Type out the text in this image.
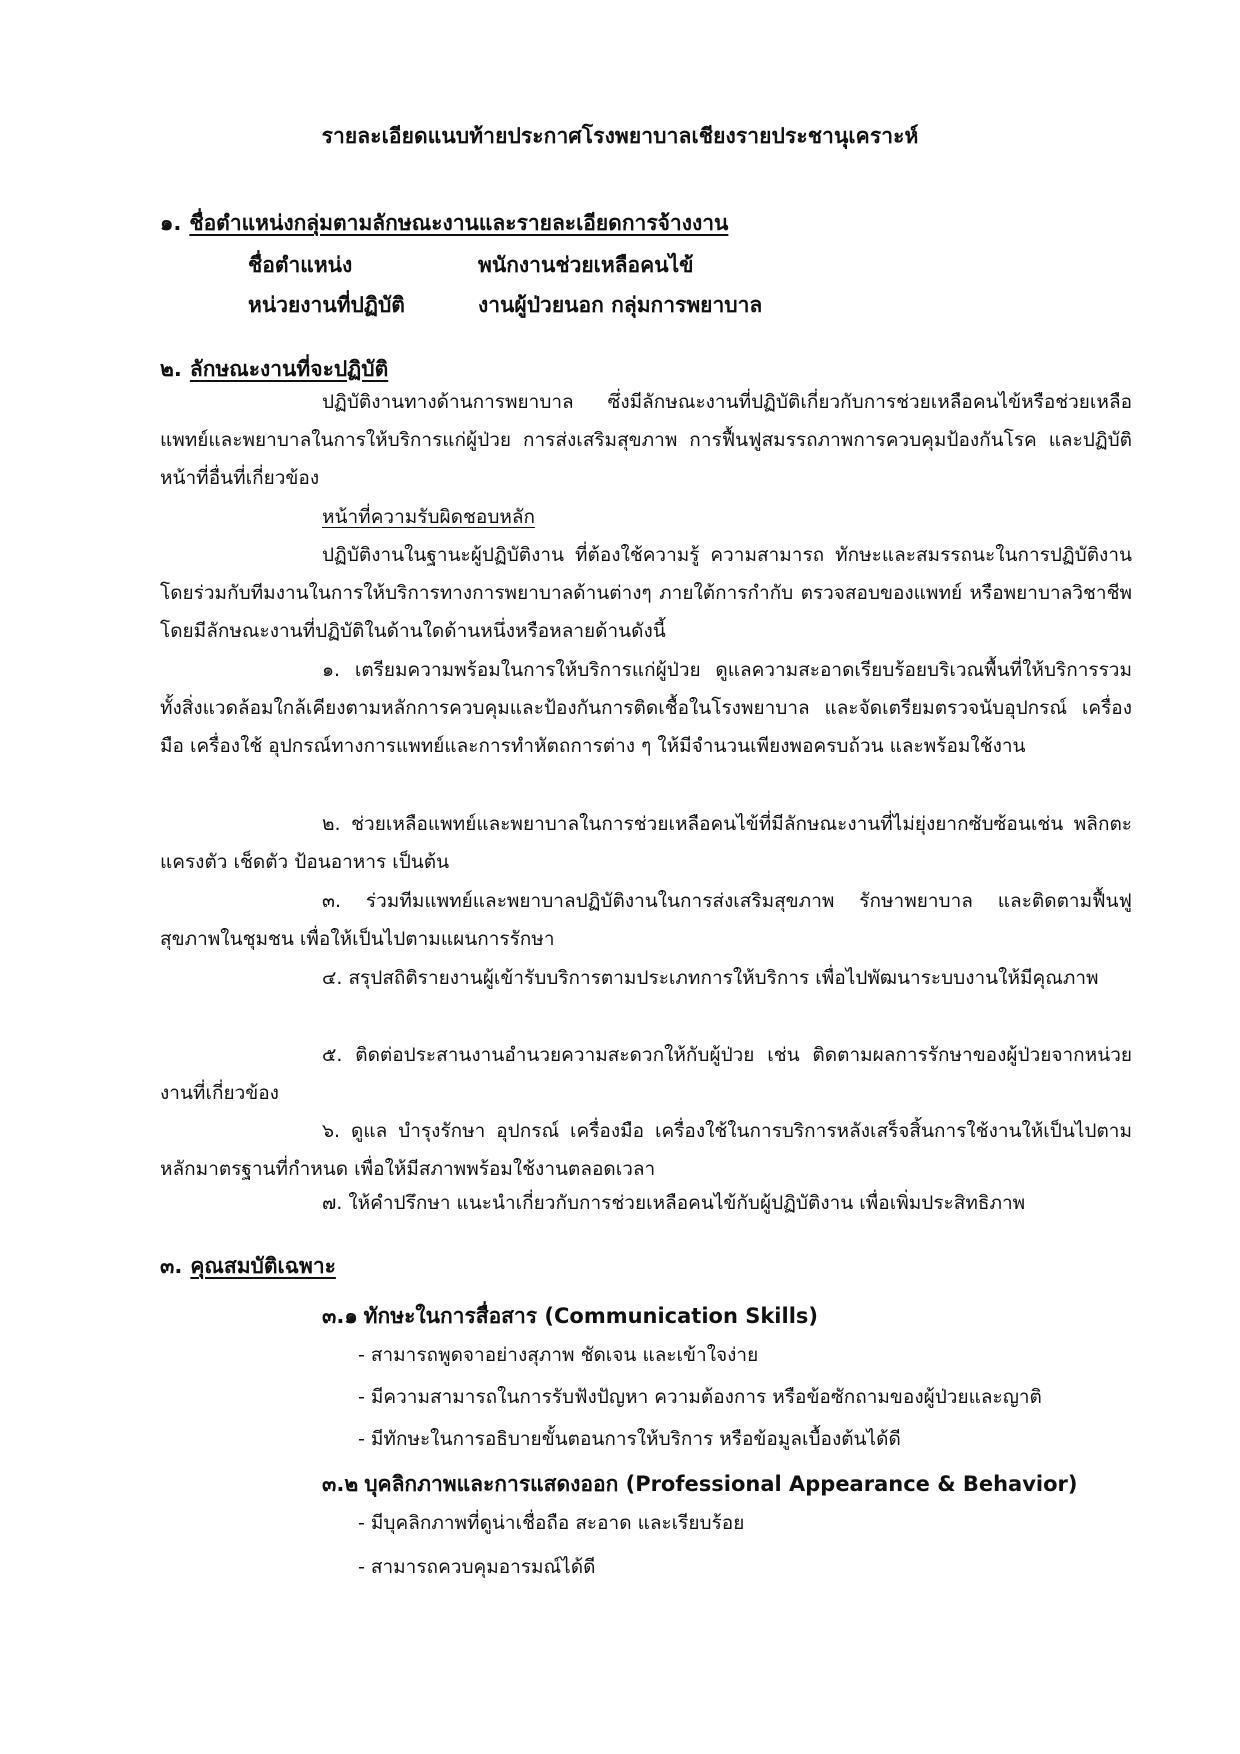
รายละเอียดแนบท้ายประกาศโรงพยาบาลเชียงรายประชานุเคราะห์
๑. ชื่อตำแหน่งกลุ่มตามลักษณะงานและรายละเอียดการจ้างงาน
ชื่อตำแหน่ง	พนักงานช่วยเหลือคนไข้
หน่วยงานที่ปฏิบัติ	งานผู้ป่วยนอก กลุ่มการพยาบาล
๒. ลักษณะงานที่จะปฏิบัติ

ปฏิบัติงานทางด้านการพยาบาล ซึ่งมีลักษณะงานที่ปฏิบัติเกี่ยวกับการช่วยเหลือคนไข้หรือช่วยเหลือแพทย์และพยาบาลในการให้บริการแก่ผู้ป่วย การส่งเสริมสุขภาพ การฟื้นฟูสมรรถภาพการควบคุมป้องกันโรค และปฏิบัติหน้าที่อื่นที่เกี่ยวข้อง

หน้าที่ความรับผิดชอบหลัก

ปฏิบัติงานในฐานะผู้ปฏิบัติงาน ที่ต้องใช้ความรู้ ความสามารถ ทักษะและสมรรถนะในการปฏิบัติงาน โดยร่วมกับทีมงานในการให้บริการทางการพยาบาลด้านต่างๆ ภายใต้การกำกับ ตรวจสอบของแพทย์ หรือพยาบาลวิชาชีพ โดยมีลักษณะงานที่ปฏิบัติในด้านใดด้านหนึ่งหรือหลายด้านดังนี้

๑. เตรียมความพร้อมในการให้บริการแก่ผู้ป่วย ดูแลความสะอาดเรียบร้อยบริเวณพื้นที่ให้บริการรวมทั้งสิ่งแวดล้อมใกล้เคียงตามหลักการควบคุมและป้องกันการติดเชื้อในโรงพยาบาล และจัดเตรียมตรวจนับอุปกรณ์ เครื่องมือ เครื่องใช้ อุปกรณ์ทางการแพทย์และการทำหัตถการต่าง ๆ ให้มีจำนวนเพียงพอครบถ้วน และพร้อมใช้งาน

๒. ช่วยเหลือแพทย์และพยาบาลในการช่วยเหลือคนไข้ที่มีลักษณะงานที่ไม่ยุ่งยากซับซ้อนเช่น พลิกตะแครงตัว เช็ดตัว ป้อนอาหาร เป็นต้น

๓. ร่วมทีมแพทย์และพยาบาลปฏิบัติงานในการส่งเสริมสุขภาพ รักษาพยาบาล และติดตามฟื้นฟูสุขภาพในชุมชน เพื่อให้เป็นไปตามแผนการรักษา

๔. สรุปสถิติรายงานผู้เข้ารับบริการตามประเภทการให้บริการ เพื่อไปพัฒนาระบบงานให้มีคุณภาพ

๕. ติดต่อประสานงานอำนวยความสะดวกให้กับผู้ป่วย เช่น ติดตามผลการรักษาของผู้ป่วยจากหน่วยงานที่เกี่ยวข้อง

๖. ดูแล บำรุงรักษา อุปกรณ์ เครื่องมือ เครื่องใช้ในการบริการหลังเสร็จสิ้นการใช้งานให้เป็นไปตามหลักมาตรฐานที่กำหนด เพื่อให้มีสภาพพร้อมใช้งานตลอดเวลา

๗. ให้คำปรึกษา แนะนำเกี่ยวกับการช่วยเหลือคนไข้กับผู้ปฏิบัติงาน เพื่อเพิ่มประสิทธิภาพ

๓. คุณสมบัติเฉพาะ
๓.๑ ทักษะในการสื่อสาร (Communication Skills)
- สามารถพูดจาอย่างสุภาพ ชัดเจน และเข้าใจง่าย
- มีความสามารถในการรับฟังปัญหา ความต้องการ หรือข้อซักถามของผู้ป่วยและญาติ
- มีทักษะในการอธิบายขั้นตอนการให้บริการ หรือข้อมูลเบื้องต้นได้ดี
๓.๒ บุคลิกภาพและการแสดงออก (Professional Appearance & Behavior)
- มีบุคลิกภาพที่ดูน่าเชื่อถือ สะอาด และเรียบร้อย
- สามารถควบคุมอารมณ์ได้ดี
